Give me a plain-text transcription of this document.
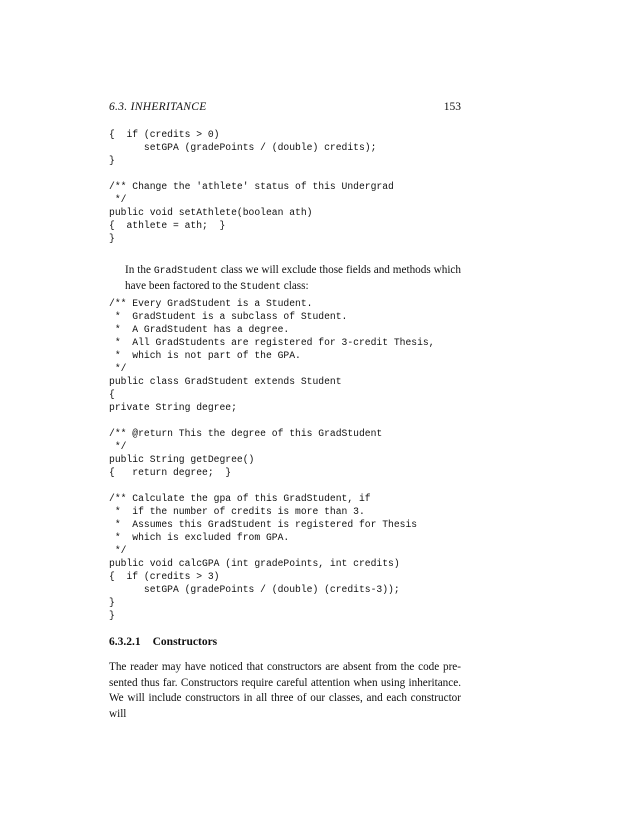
6.3. INHERITANCE	153
{  if (credits > 0)
setGPA (gradePoints / (double) credits);
}

/** Change the 'athlete' status of this Undergrad
*/
public void setAthlete(boolean ath)
{  athlete = ath;  }
}

In the GradStudent class we will exclude those fields and methods which
have been factored to the Student class:

/** Every GradStudent is a Student.
*  GradStudent is a subclass of Student.
*  A GradStudent has a degree.
*  All GradStudents are registered for 3-credit Thesis,
*  which is not part of the GPA.
*/
public class GradStudent extends Student
{
private String degree;

/** @return This the degree of this GradStudent
*/
public String getDegree()
{   return degree;  }

/** Calculate the gpa of this GradStudent, if
*  if the number of credits is more than 3.
*  Assumes this GradStudent is registered for Thesis
*  which is excluded from GPA.
*/
public void calcGPA (int gradePoints, int credits)
{  if (credits > 3)
setGPA (gradePoints / (double) (credits-3));
}
}
6.3.2.1 Constructors

The reader may have noticed that constructors are absent from the code pre-
sented thus far. Constructors require careful attention when using inheritance.
We will include constructors in all three of our classes, and each constructor will
